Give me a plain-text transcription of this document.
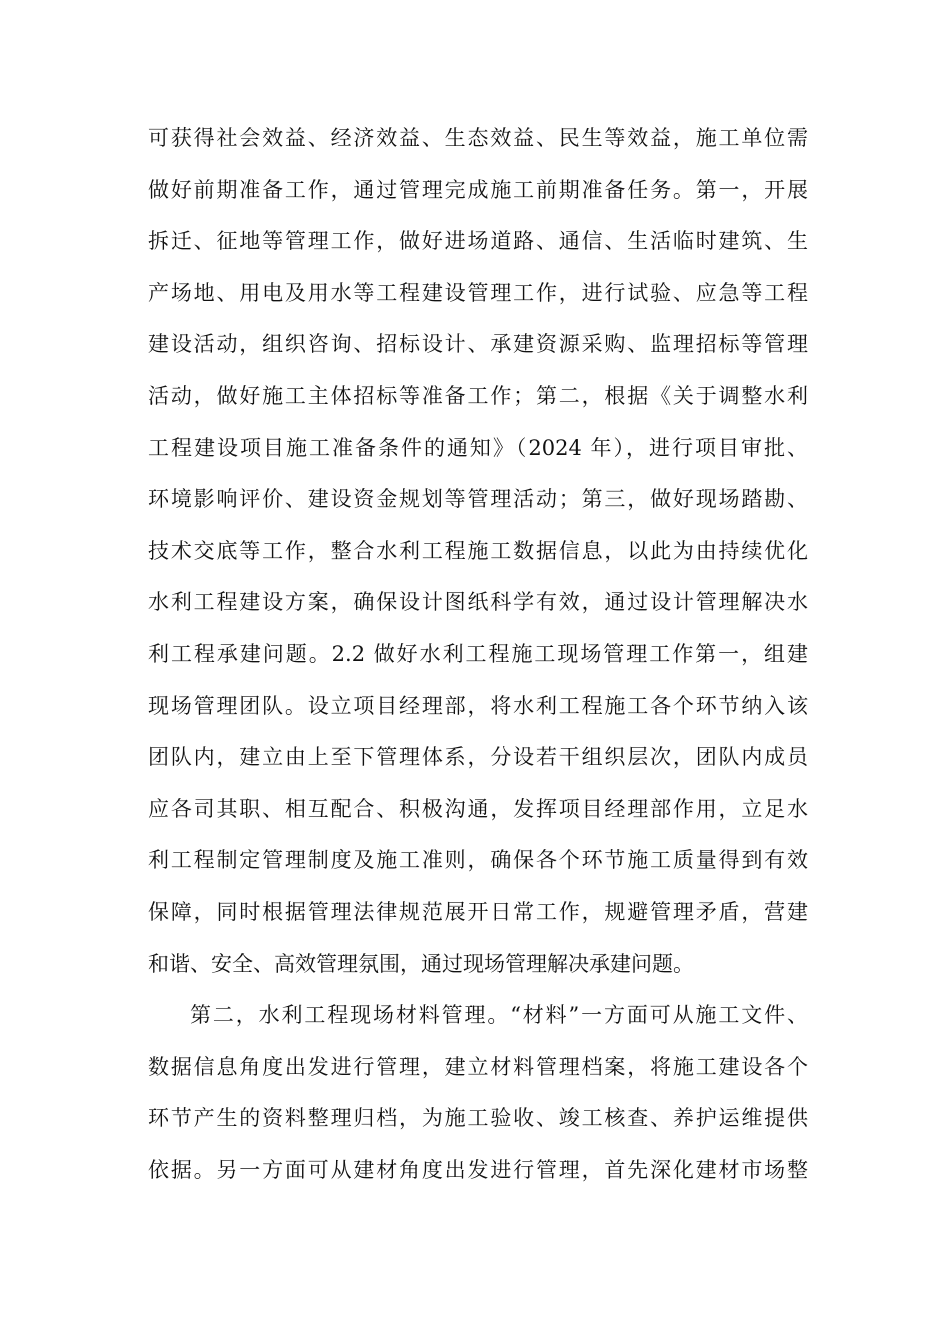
可获得社会效益、经济效益、生态效益、民生等效益，施工单位需
做好前期准备工作，通过管理完成施工前期准备任务。第一，开展
拆迁、征地等管理工作，做好进场道路、通信、生活临时建筑、生
产场地、用电及用水等工程建设管理工作，进行试验、应急等工程
建设活动，组织咨询、招标设计、承建资源采购、监理招标等管理
活动，做好施工主体招标等准备工作；第二，根据《关于调整水利
工程建设项目施工准备条件的通知》（2024 年），进行项目审批、
环境影响评价、建设资金规划等管理活动；第三，做好现场踏勘、
技术交底等工作，整合水利工程施工数据信息，以此为由持续优化
水利工程建设方案，确保设计图纸科学有效，通过设计管理解决水
利工程承建问题。2.2 做好水利工程施工现场管理工作第一，组建
现场管理团队。设立项目经理部，将水利工程施工各个环节纳入该
团队内，建立由上至下管理体系，分设若干组织层次，团队内成员
应各司其职、相互配合、积极沟通，发挥项目经理部作用，立足水
利工程制定管理制度及施工准则，确保各个环节施工质量得到有效
保障，同时根据管理法律规范展开日常工作，规避管理矛盾，营建
和谐、安全、高效管理氛围，通过现场管理解决承建问题。
第二，水利工程现场材料管理。“材料”一方面可从施工文件、
数据信息角度出发进行管理，建立材料管理档案，将施工建设各个
环节产生的资料整理归档，为施工验收、竣工核查、养护运维提供
依据。另一方面可从建材角度出发进行管理，首先深化建材市场整
